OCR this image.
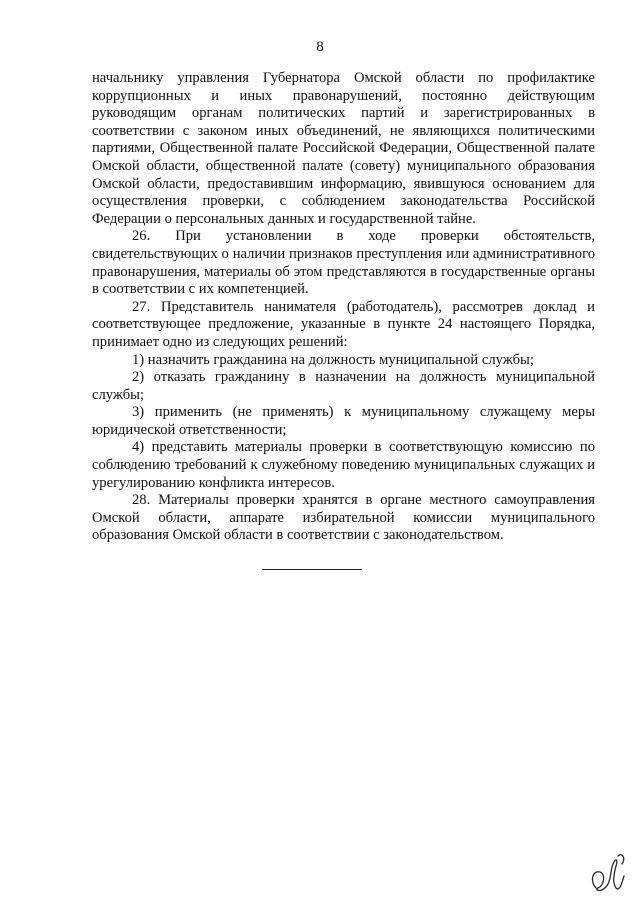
8

начальнику управления Губернатора Омской области по профилактике коррупционных и иных правонарушений, постоянно действующим руководящим органам политических партий и зарегистрированных в соответствии с законом иных объединений, не являющихся политическими партиями, Общественной палате Российской Федерации, Общественной палате Омской области, общественной палате (совету) муниципального образования Омской области, предоставившим информацию, явившуюся основанием для осуществления проверки, с соблюдением законодательства Российской Федерации о персональных данных и государственной тайне.

26. При установлении в ходе проверки обстоятельств, свидетельствующих о наличии признаков преступления или административного правонарушения, материалы об этом представляются в государственные органы в соответствии с их компетенцией.

27. Представитель нанимателя (работодатель), рассмотрев доклад и соответствующее предложение, указанные в пункте 24 настоящего Порядка, принимает одно из следующих решений:

1) назначить гражданина на должность муниципальной службы;

2) отказать гражданину в назначении на должность муниципальной службы;

3) применить (не применять) к муниципальному служащему меры юридической ответственности;

4) представить материалы проверки в соответствующую комиссию по соблюдению требований к служебному поведению муниципальных служащих и урегулированию конфликта интересов.

28. Материалы проверки хранятся в органе местного самоуправления Омской области, аппарате избирательной комиссии муниципального образования Омской области в соответствии с законодательством.
